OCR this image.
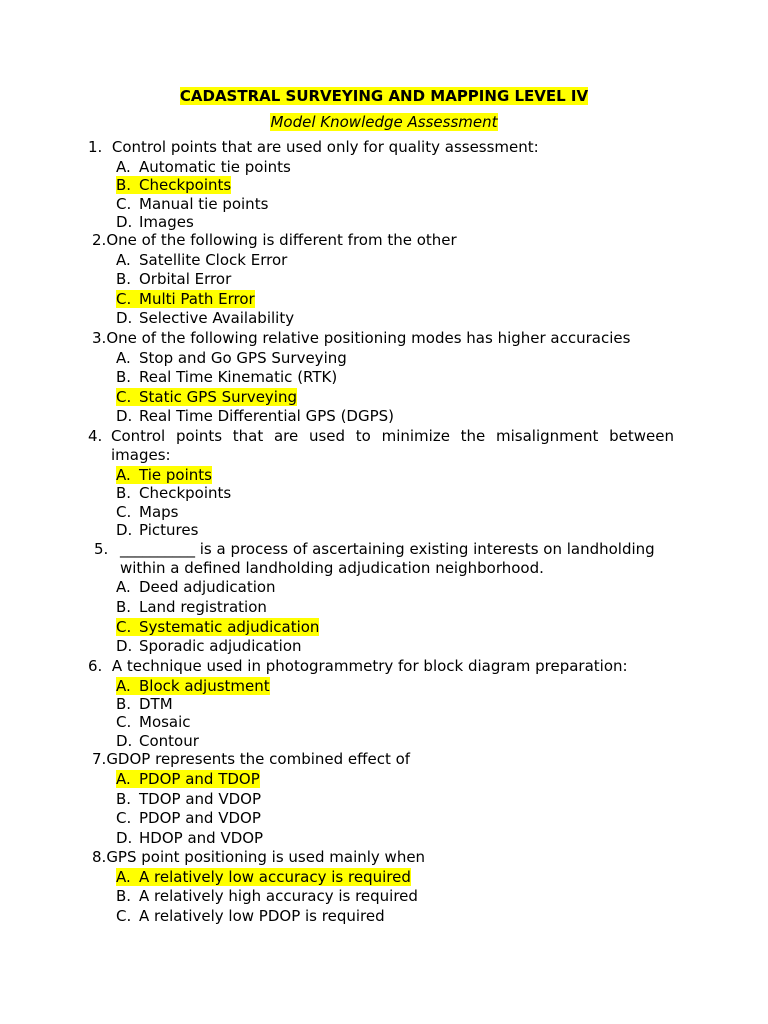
CADASTRAL SURVEYING AND MAPPING LEVEL IV
Model Knowledge Assessment
1. Control points that are used only for quality assessment:
A. Automatic tie points
B. Checkpoints
C. Manual tie points
D. Images
2.One of the following is different from the other
A. Satellite Clock Error
B. Orbital Error
C. Multi Path Error
D. Selective Availability
3.One of the following relative positioning modes has higher accuracies
A. Stop and Go GPS Surveying
B. Real Time Kinematic (RTK)
C. Static GPS Surveying
D. Real Time Differential GPS (DGPS)
4. Control points that are used to minimize the misalignment between
images:
A. Tie points
B. Checkpoints
C. Maps
D. Pictures
5. __________ is a process of ascertaining existing interests on landholding
within a defined landholding adjudication neighborhood.
A. Deed adjudication
B. Land registration
C. Systematic adjudication
D. Sporadic adjudication
6. A technique used in photogrammetry for block diagram preparation:
A. Block adjustment
B. DTM
C. Mosaic
D. Contour
7.GDOP represents the combined effect of
A. PDOP and TDOP
B. TDOP and VDOP
C. PDOP and VDOP
D. HDOP and VDOP
8.GPS point positioning is used mainly when
A. A relatively low accuracy is required
B. A relatively high accuracy is required
C. A relatively low PDOP is required
